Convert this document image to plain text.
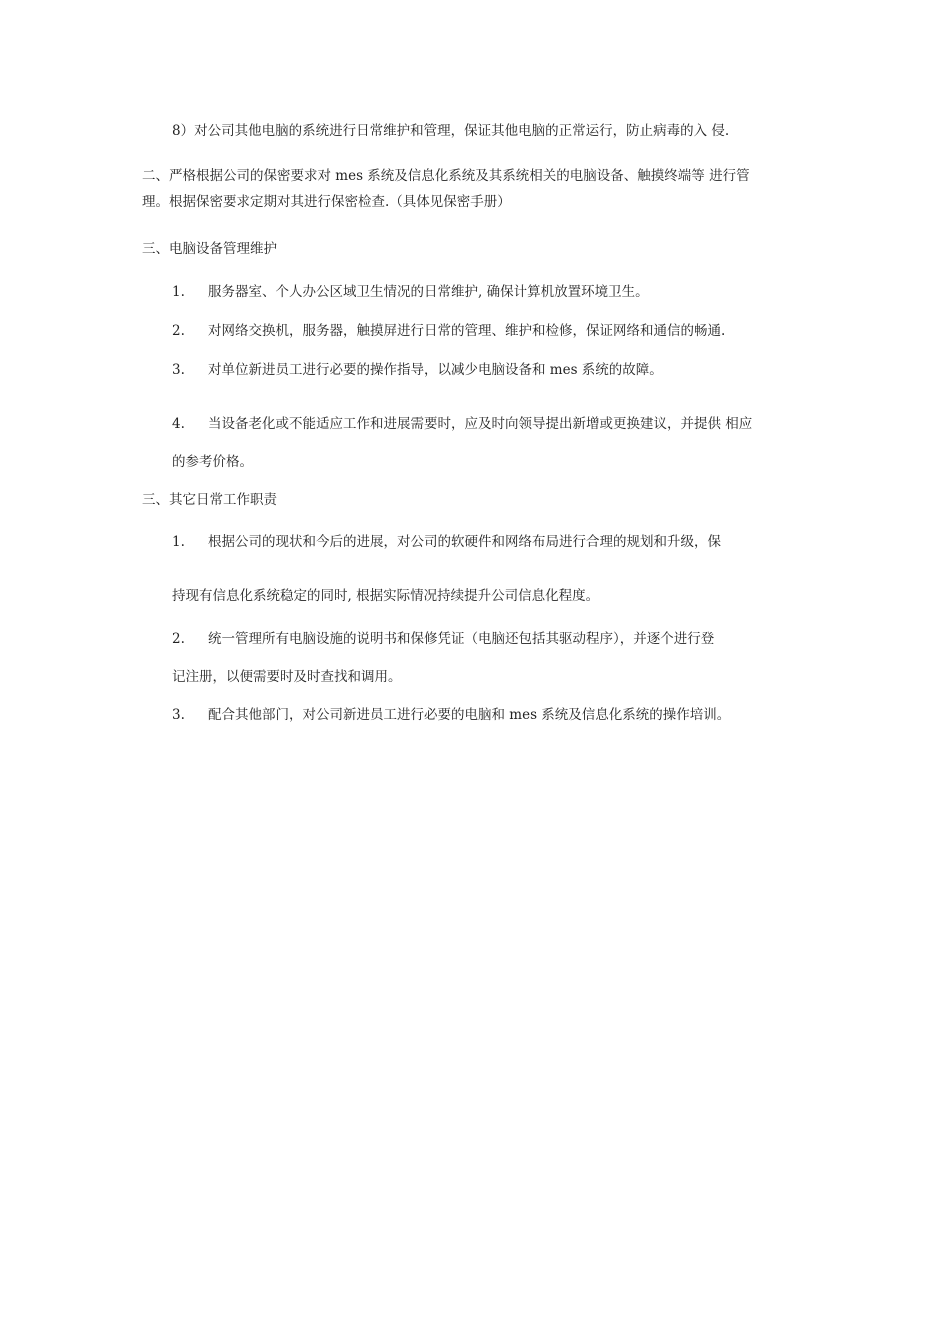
8）对公司其他电脑的系统进行日常维护和管理，保证其他电脑的正常运行，防止病毒的入 侵.
二、严格根据公司的保密要求对 mes 系统及信息化系统及其系统相关的电脑设备、触摸终端等 进行管
理。根据保密要求定期对其进行保密检查.（具体见保密手册）
三、电脑设备管理维护
1. 服务器室、个人办公区域卫生情况的日常维护, 确保计算机放置环境卫生。
2. 对网络交换机，服务器，触摸屏进行日常的管理、维护和检修，保证网络和通信的畅通.
3. 对单位新进员工进行必要的操作指导，以减少电脑设备和 mes 系统的故障。
4. 当设备老化或不能适应工作和进展需要时，应及时向领导提出新增或更换建议，并提供 相应
的参考价格。
三、其它日常工作职责
1. 根据公司的现状和今后的进展，对公司的软硬件和网络布局进行合理的规划和升级，保
持现有信息化系统稳定的同时, 根据实际情况持续提升公司信息化程度。
2. 统一管理所有电脑设施的说明书和保修凭证（电脑还包括其驱动程序），并逐个进行登
记注册，以便需要时及时查找和调用。
3. 配合其他部门，对公司新进员工进行必要的电脑和 mes 系统及信息化系统的操作培训。
